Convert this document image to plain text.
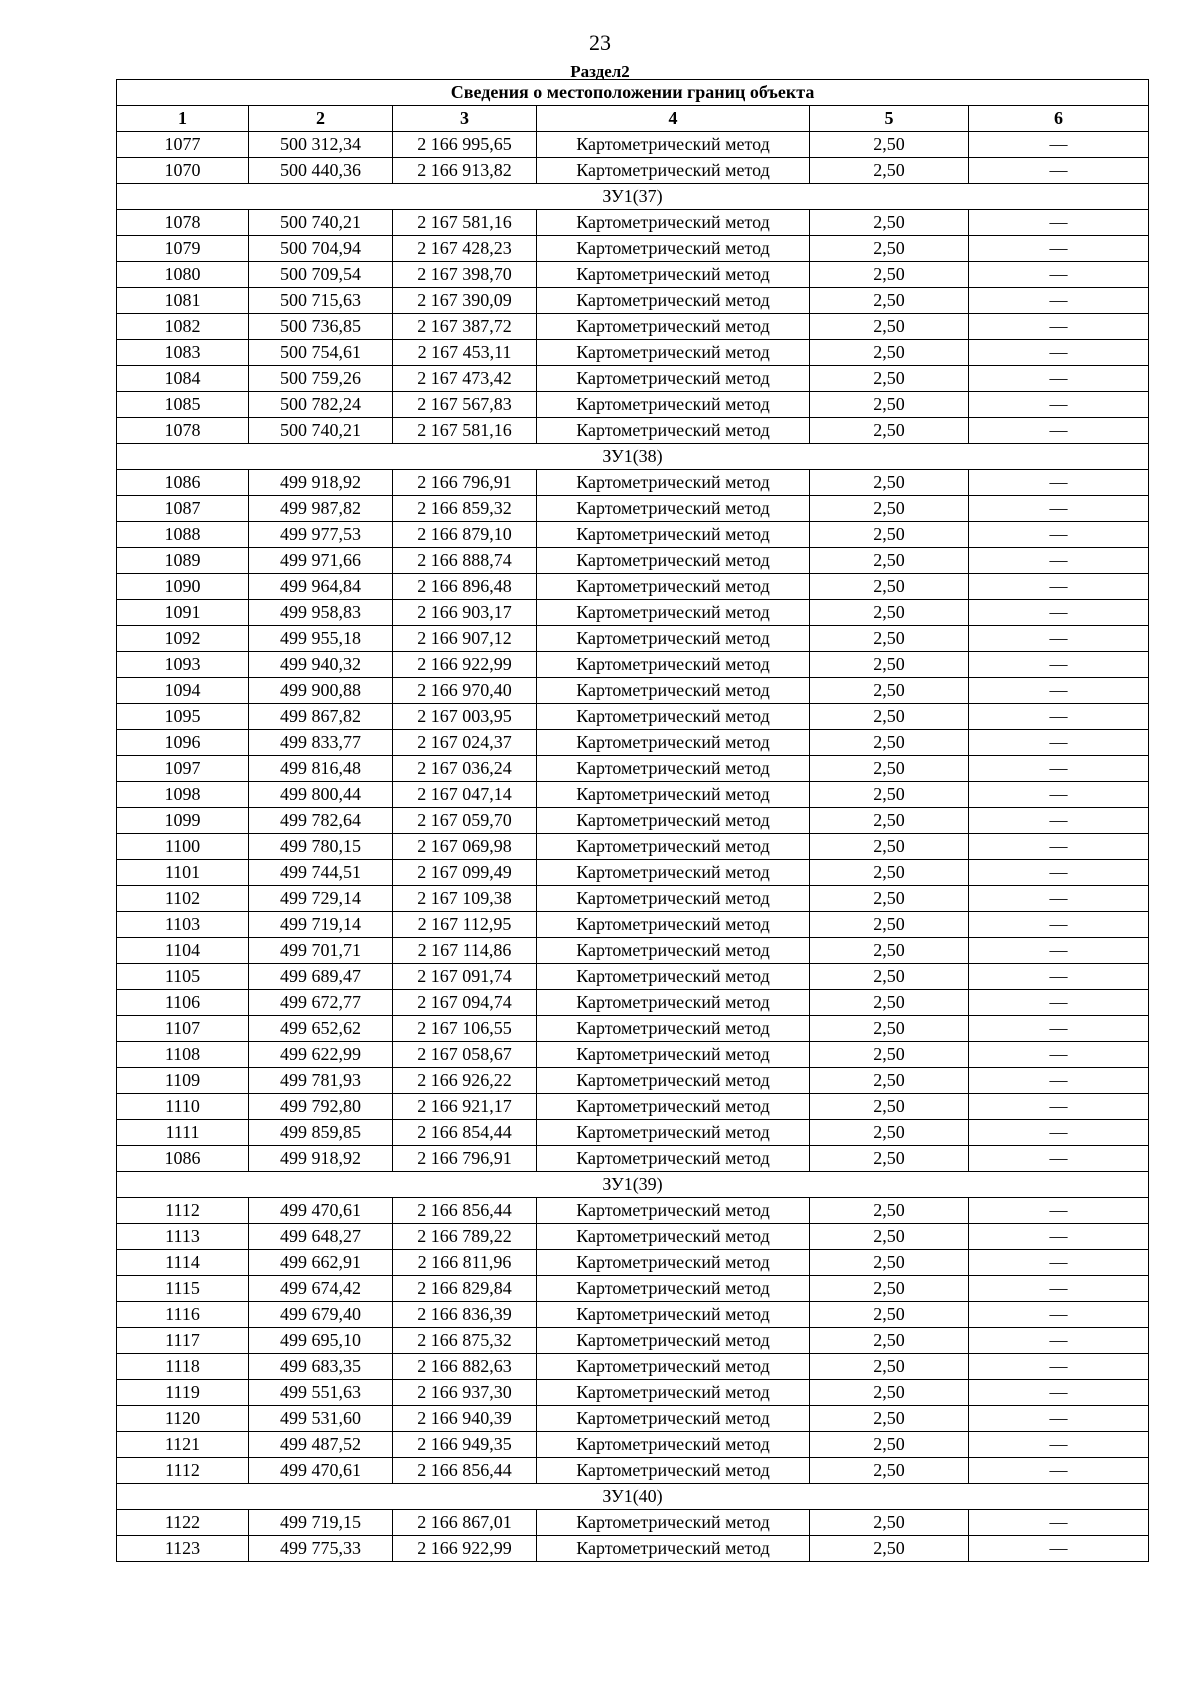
23
Раздел2
Сведения о местоположении границ объекта					
1	2	3	4	5	6
1077	500 312,34	2 166 995,65	Картометрический метод	2,50	—
1070	500 440,36	2 166 913,82	Картометрический метод	2,50	—
ЗУ1(37)					
1078	500 740,21	2 167 581,16	Картометрический метод	2,50	—
1079	500 704,94	2 167 428,23	Картометрический метод	2,50	—
1080	500 709,54	2 167 398,70	Картометрический метод	2,50	—
1081	500 715,63	2 167 390,09	Картометрический метод	2,50	—
1082	500 736,85	2 167 387,72	Картометрический метод	2,50	—
1083	500 754,61	2 167 453,11	Картометрический метод	2,50	—
1084	500 759,26	2 167 473,42	Картометрический метод	2,50	—
1085	500 782,24	2 167 567,83	Картометрический метод	2,50	—
1078	500 740,21	2 167 581,16	Картометрический метод	2,50	—
ЗУ1(38)					
1086	499 918,92	2 166 796,91	Картометрический метод	2,50	—
1087	499 987,82	2 166 859,32	Картометрический метод	2,50	—
1088	499 977,53	2 166 879,10	Картометрический метод	2,50	—
1089	499 971,66	2 166 888,74	Картометрический метод	2,50	—
1090	499 964,84	2 166 896,48	Картометрический метод	2,50	—
1091	499 958,83	2 166 903,17	Картометрический метод	2,50	—
1092	499 955,18	2 166 907,12	Картометрический метод	2,50	—
1093	499 940,32	2 166 922,99	Картометрический метод	2,50	—
1094	499 900,88	2 166 970,40	Картометрический метод	2,50	—
1095	499 867,82	2 167 003,95	Картометрический метод	2,50	—
1096	499 833,77	2 167 024,37	Картометрический метод	2,50	—
1097	499 816,48	2 167 036,24	Картометрический метод	2,50	—
1098	499 800,44	2 167 047,14	Картометрический метод	2,50	—
1099	499 782,64	2 167 059,70	Картометрический метод	2,50	—
1100	499 780,15	2 167 069,98	Картометрический метод	2,50	—
1101	499 744,51	2 167 099,49	Картометрический метод	2,50	—
1102	499 729,14	2 167 109,38	Картометрический метод	2,50	—
1103	499 719,14	2 167 112,95	Картометрический метод	2,50	—
1104	499 701,71	2 167 114,86	Картометрический метод	2,50	—
1105	499 689,47	2 167 091,74	Картометрический метод	2,50	—
1106	499 672,77	2 167 094,74	Картометрический метод	2,50	—
1107	499 652,62	2 167 106,55	Картометрический метод	2,50	—
1108	499 622,99	2 167 058,67	Картометрический метод	2,50	—
1109	499 781,93	2 166 926,22	Картометрический метод	2,50	—
1110	499 792,80	2 166 921,17	Картометрический метод	2,50	—
1111	499 859,85	2 166 854,44	Картометрический метод	2,50	—
1086	499 918,92	2 166 796,91	Картометрический метод	2,50	—
ЗУ1(39)					
1112	499 470,61	2 166 856,44	Картометрический метод	2,50	—
1113	499 648,27	2 166 789,22	Картометрический метод	2,50	—
1114	499 662,91	2 166 811,96	Картометрический метод	2,50	—
1115	499 674,42	2 166 829,84	Картометрический метод	2,50	—
1116	499 679,40	2 166 836,39	Картометрический метод	2,50	—
1117	499 695,10	2 166 875,32	Картометрический метод	2,50	—
1118	499 683,35	2 166 882,63	Картометрический метод	2,50	—
1119	499 551,63	2 166 937,30	Картометрический метод	2,50	—
1120	499 531,60	2 166 940,39	Картометрический метод	2,50	—
1121	499 487,52	2 166 949,35	Картометрический метод	2,50	—
1112	499 470,61	2 166 856,44	Картометрический метод	2,50	—
ЗУ1(40)					
1122	499 719,15	2 166 867,01	Картометрический метод	2,50	—
1123	499 775,33	2 166 922,99	Картометрический метод	2,50	—
